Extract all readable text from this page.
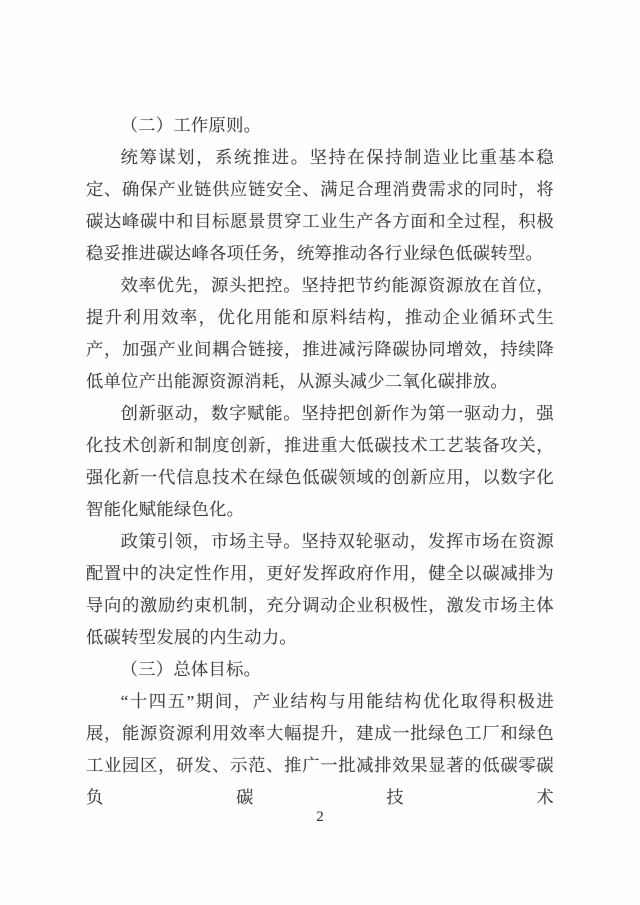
（二）工作原则。

统筹谋划，系统推进。坚持在保持制造业比重基本稳定、确保产业链供应链安全、满足合理消费需求的同时，将碳达峰碳中和目标愿景贯穿工业生产各方面和全过程，积极稳妥推进碳达峰各项任务，统筹推动各行业绿色低碳转型。

效率优先，源头把控。坚持把节约能源资源放在首位，提升利用效率，优化用能和原料结构，推动企业循环式生产，加强产业间耦合链接，推进减污降碳协同增效，持续降低单位产出能源资源消耗，从源头减少二氧化碳排放。

创新驱动，数字赋能。坚持把创新作为第一驱动力，强化技术创新和制度创新，推进重大低碳技术工艺装备攻关，强化新一代信息技术在绿色低碳领域的创新应用，以数字化智能化赋能绿色化。

政策引领，市场主导。坚持双轮驱动，发挥市场在资源配置中的决定性作用，更好发挥政府作用，健全以碳减排为导向的激励约束机制，充分调动企业积极性，激发市场主体低碳转型发展的内生动力。

（三）总体目标。

“十四五”期间，产业结构与用能结构优化取得积极进展，能源资源利用效率大幅提升，建成一批绿色工厂和绿色工业园区，研发、示范、推广一批减排效果显著的低碳零碳负碳技术

2
